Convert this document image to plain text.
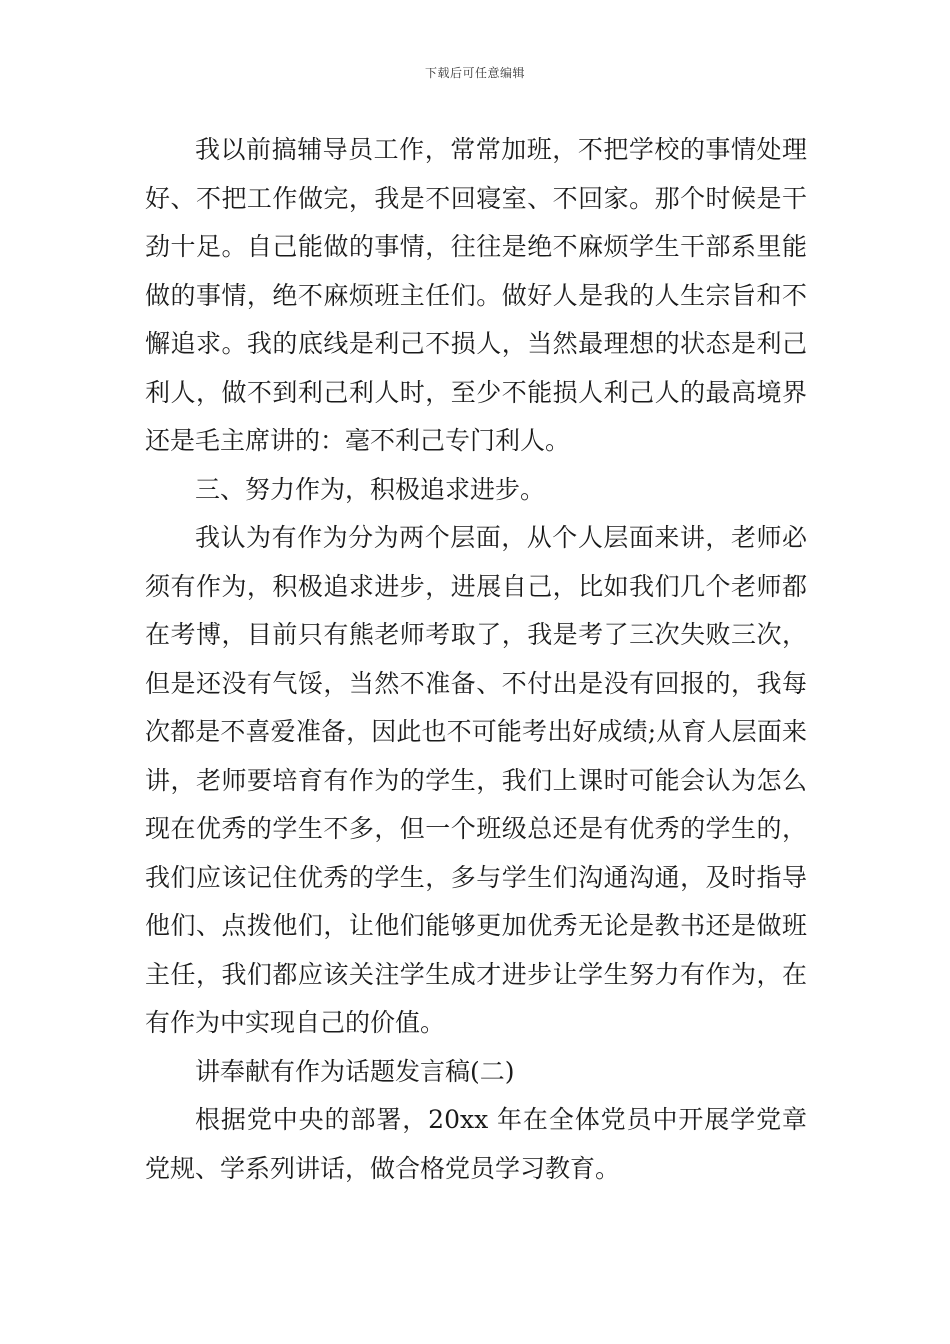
下载后可任意编辑

我以前搞辅导员工作，常常加班，不把学校的事情处理好、不把工作做完，我是不回寝室、不回家。那个时候是干劲十足。自己能做的事情，往往是绝不麻烦学生干部系里能做的事情，绝不麻烦班主任们。做好人是我的人生宗旨和不懈追求。我的底线是利己不损人，当然最理想的状态是利己利人，做不到利己利人时，至少不能损人利己人的最高境界还是毛主席讲的：毫不利己专门利人。

三、努力作为，积极追求进步。

我认为有作为分为两个层面，从个人层面来讲，老师必须有作为，积极追求进步，进展自己，比如我们几个老师都在考博，目前只有熊老师考取了，我是考了三次失败三次，但是还没有气馁，当然不准备、不付出是没有回报的，我每次都是不喜爱准备，因此也不可能考出好成绩;从育人层面来讲，老师要培育有作为的学生，我们上课时可能会认为怎么现在优秀的学生不多，但一个班级总还是有优秀的学生的，我们应该记住优秀的学生，多与学生们沟通沟通，及时指导他们、点拨他们，让他们能够更加优秀无论是教书还是做班主任，我们都应该关注学生成才进步让学生努力有作为，在有作为中实现自己的价值。

讲奉献有作为话题发言稿(二)

根据党中央的部署，20xx 年在全体党员中开展学党章党规、学系列讲话，做合格党员学习教育。
